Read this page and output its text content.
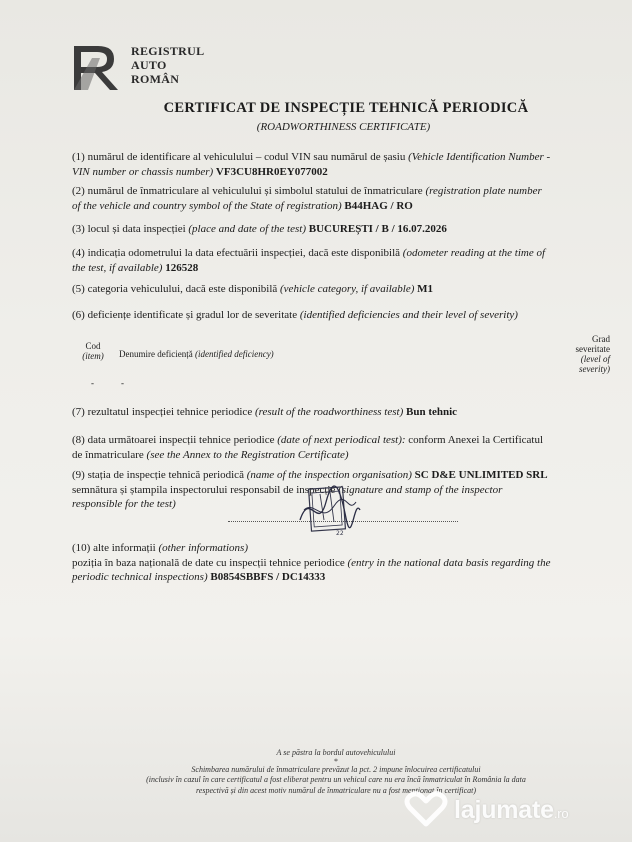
REGISTRUL
AUTO
ROMÂN
CERTIFICAT DE INSPECȚIE TEHNICĂ PERIODICĂ
(ROADWORTHINESS CERTIFICATE)
(1) numărul de identificare al vehiculului – codul VIN sau numărul de șasiu (Vehicle Identification Number -
VIN number or chassis number) VF3CU8HR0EY077002
(2) numărul de înmatriculare al vehiculului și simbolul statului de înmatriculare (registration plate number
of the vehicle and country symbol of the State of registration) B44HAG / RO
(3) locul și data inspecției (place and date of the test) BUCUREȘTI / B / 16.07.2026
(4) indicația odometrului la data efectuării inspecției, dacă este disponibilă (odometer reading at the time of
the test, if available) 126528
(5) categoria vehiculului, dacă este disponibilă (vehicle category, if available) M1
(6) deficiențe identificate și gradul lor de severitate (identified deficiencies and their level of severity)
Cod
(item) Denumire deficiență (identified deficiency)
Grad
severitate
(level of
severity)
-	-
(7) rezultatul inspecției tehnice periodice (result of the roadworthiness test) Bun tehnic
(8) data următoarei inspecții tehnice periodice (date of next periodical test): conform Anexei la Certificatul
de înmatriculare (see the Annex to the Registration Certificate)
(9) stația de inspecție tehnică periodică (name of the inspection organisation) SC D&E UNLIMITED SRL
semnătura și ștampila inspectorului responsabil de inspecție (signature and stamp of the inspector
responsible for the test)
22
(10) alte informații (other informations)
poziția în baza națională de date cu inspecții tehnice periodice (entry in the national data basis regarding the
periodic technical inspections) B0854SBBFS / DC14333
A se păstra la bordul autovehiculului
*
Schimbarea numărului de înmatriculare prevăzut la pct. 2 impune înlocuirea certificatului
(inclusiv în cazul în care certificatul a fost eliberat pentru un vehicul care nu era încă înmatriculat în România la data
respectivă și din acest motiv numărul de înmatriculare nu a fost menționat în certificat)
lajumate.ro
